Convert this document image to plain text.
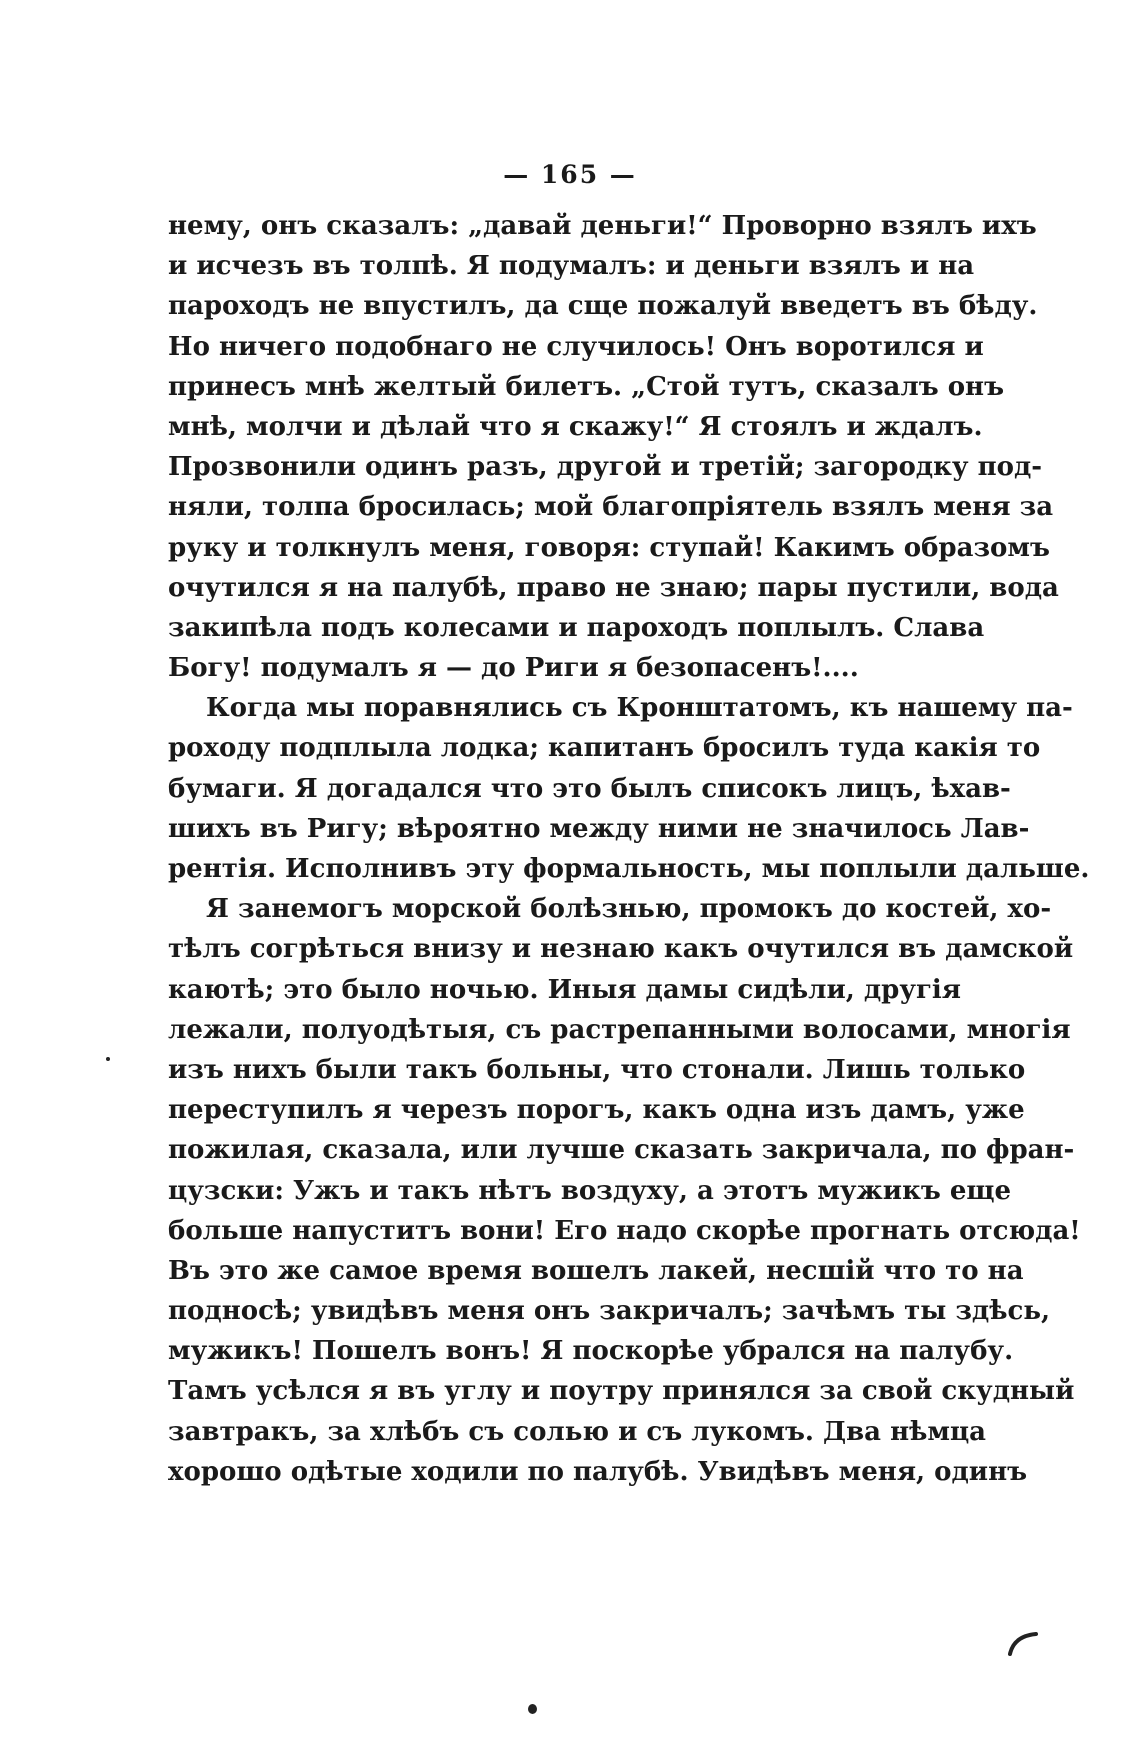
— 165 —
нему, онъ сказалъ: „давай деньги!“ Проворно взялъ ихъ
и исчезъ въ толпѣ. Я подумалъ: и деньги взялъ и на
пароходъ не впустилъ, да сще пожалуй введетъ въ бѣду.
Но ничего подобнаго не случилось! Онъ воротился и
принесъ мнѣ желтый билетъ. „Стой тутъ, сказалъ онъ
мнѣ, молчи и дѣлай что я скажу!“ Я стоялъ и ждалъ.
Прозвонили одинъ разъ, другой и третій; загородку под-
няли, толпа бросилась; мой благопріятель взялъ меня за
руку и толкнулъ меня, говоря: ступай! Какимъ образомъ
очутился я на палубѣ, право не знаю; пары пустили, вода
закипѣла подъ колесами и пароходъ поплылъ. Слава
Богу! подумалъ я — до Риги я безопасенъ!....
Когда мы поравнялись съ Кронштатомъ, къ нашему па-
роходу подплыла лодка; капитанъ бросилъ туда какія то
бумаги. Я догадался что это былъ списокъ лицъ, ѣхав-
шихъ въ Ригу; вѣроятно между ними не значилось Лав-
рентія. Исполнивъ эту формальность, мы поплыли дальше.
Я занемогъ морской болѣзнью, промокъ до костей, хо-
тѣлъ согрѣться внизу и незнаю какъ очутился въ дамской
каютѣ; это было ночью. Иныя дамы сидѣли, другія
лежали, полуодѣтыя, съ растрепанными волосами, многія
изъ нихъ были такъ больны, что стонали. Лишь только
переступилъ я черезъ порогъ, какъ одна изъ дамъ, уже
пожилая, сказала, или лучше сказать закричала, по фран-
цузски: Ужъ и такъ нѣтъ воздуху, а этотъ мужикъ еще
больше напуститъ вони! Его надо скорѣе прогнать отсюда!
Въ это же самое время вошелъ лакей, несшій что то на
подносѣ; увидѣвъ меня онъ закричалъ; зачѣмъ ты здѣсь,
мужикъ! Пошелъ вонъ! Я поскорѣе убрался на палубу.
Тамъ усѣлся я въ углу и поутру принялся за свой скудный
завтракъ, за хлѣбъ съ солью и съ лукомъ. Два нѣмца
хорошо одѣтые ходили по палубѣ. Увидѣвъ меня, одинъ
